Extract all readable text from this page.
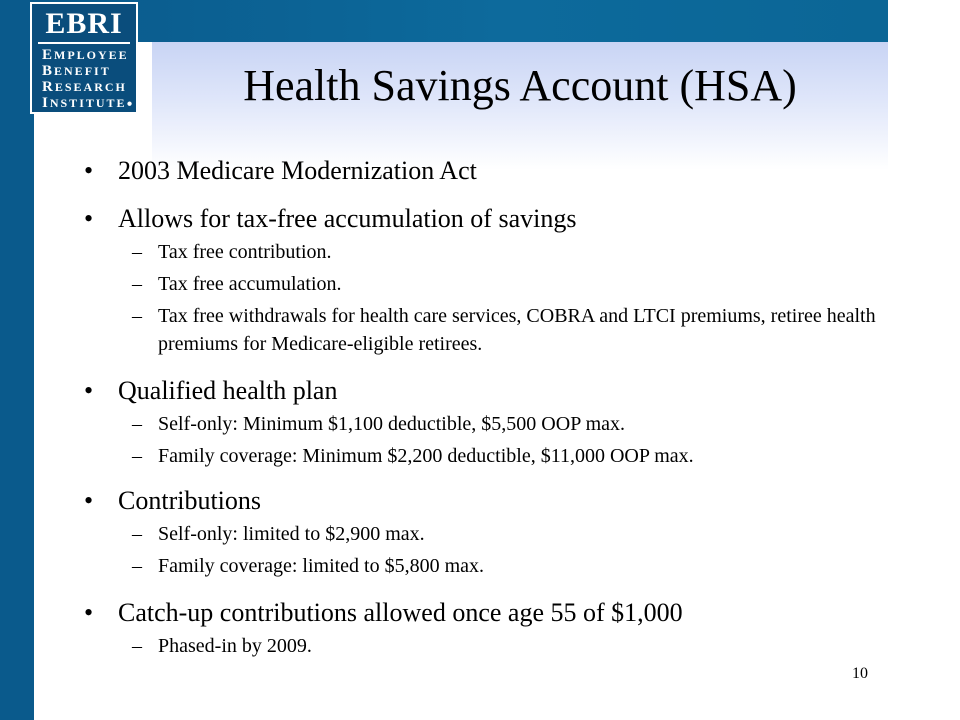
EBRI
EMPLOYEE
BENEFIT
RESEARCH
INSTITUTE●	Health Savings Account (HSA)
• 2003 Medicare Modernization Act
• Allows for tax-free accumulation of savings
– Tax free contribution.
– Tax free accumulation.
– Tax free withdrawals for health care services, COBRA and LTCI premiums, retiree health premiums for Medicare-eligible retirees.
• Qualified health plan
– Self-only: Minimum $1,100 deductible, $5,500 OOP max.
– Family coverage: Minimum $2,200 deductible, $11,000 OOP max.
• Contributions
– Self-only: limited to $2,900 max.
– Family coverage: limited to $5,800 max.
• Catch-up contributions allowed once age 55 of $1,000
– Phased-in by 2009.
10
